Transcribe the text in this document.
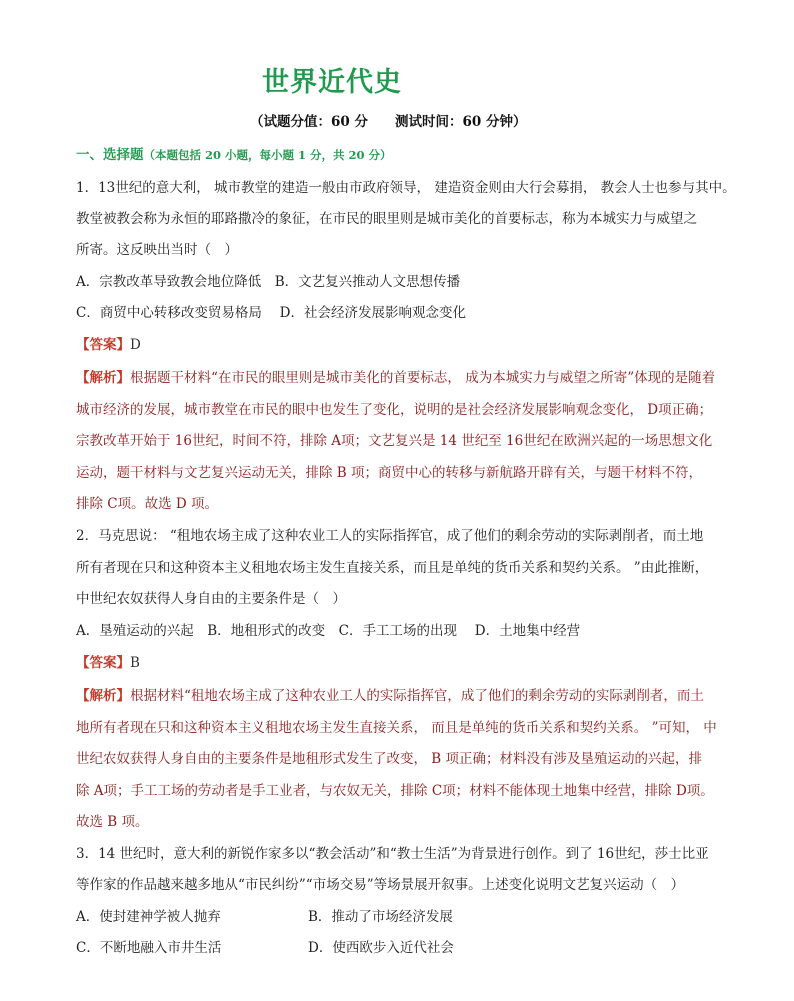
世界近代史
（试题分值：60 分　　测试时间：60 分钟）
一、选择题（本题包括 20 小题，每小题 1 分，共 20 分）
1．13世纪的意大利， 城市教堂的建造一般由市政府领导， 建造资金则由大行会募捐， 教会人士也参与其中。
教堂被教会称为永恒的耶路撒冷的象征，在市民的眼里则是城市美化的首要标志，称为本城实力与威望之
所寄。这反映出当时（　）
A．宗教改革导致教会地位降低　B．文艺复兴推动人文思想传播
C．商贸中心转移改变贸易格局　 D．社会经济发展影响观念变化
【答案】D
【解析】根据题干材料“在市民的眼里则是城市美化的首要标志， 成为本城实力与威望之所寄”体现的是随着
城市经济的发展，城市教堂在市民的眼中也发生了变化，说明的是社会经济发展影响观念变化， D项正确；
宗教改革开始于 16世纪，时间不符，排除 A项；文艺复兴是 14 世纪至 16世纪在欧洲兴起的一场思想文化
运动，题干材料与文艺复兴运动无关，排除 B 项；商贸中心的转移与新航路开辟有关，与题干材料不符，
排除 C项。故选 D 项。
2．马克思说： “租地农场主成了这种农业工人的实际指挥官，成了他们的剩余劳动的实际剥削者，而土地
所有者现在只和这种资本主义租地农场主发生直接关系，而且是单纯的货币关系和契约关系。 ”由此推断，
中世纪农奴获得人身自由的主要条件是（　）
A．垦殖运动的兴起　B．地租形式的改变　C．手工工场的出现　 D．土地集中经营
【答案】B
【解析】根据材料“租地农场主成了这种农业工人的实际指挥官，成了他们的剩余劳动的实际剥削者，而土
地所有者现在只和这种资本主义租地农场主发生直接关系， 而且是单纯的货币关系和契约关系。 ”可知， 中
世纪农奴获得人身自由的主要条件是地租形式发生了改变， B 项正确；材料没有涉及垦殖运动的兴起，排
除 A项；手工工场的劳动者是手工业者，与农奴无关，排除 C项；材料不能体现土地集中经营，排除 D项。
故选 B 项。
3．14 世纪时，意大利的新锐作家多以“教会活动”和“教士生活”为背景进行创作。到了 16世纪，莎士比亚
等作家的作品越来越多地从“市民纠纷”“市场交易”等场景展开叙事。上述变化说明文艺复兴运动（　）
A．使封建神学被人抛弃	B．推动了市场经济发展
C．不断地融入市井生活	D．使西欧步入近代社会
